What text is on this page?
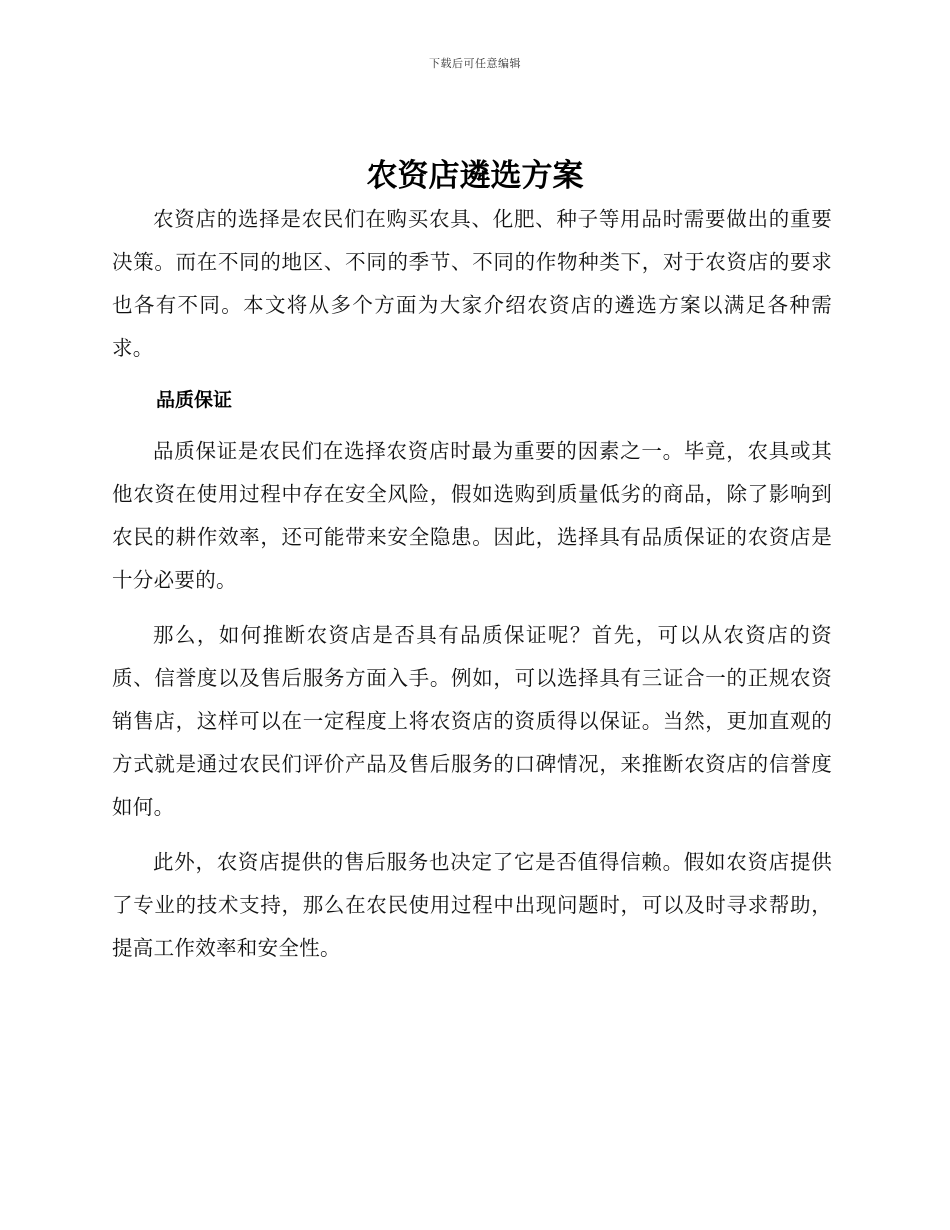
下载后可任意编辑
农资店遴选方案

农资店的选择是农民们在购买农具、化肥、种子等用品时需要做出的重要决策。而在不同的地区、不同的季节、不同的作物种类下，对于农资店的要求也各有不同。本文将从多个方面为大家介绍农资店的遴选方案以满足各种需求。

品质保证

品质保证是农民们在选择农资店时最为重要的因素之一。毕竟，农具或其他农资在使用过程中存在安全风险，假如选购到质量低劣的商品，除了影响到农民的耕作效率，还可能带来安全隐患。因此，选择具有品质保证的农资店是十分必要的。

那么，如何推断农资店是否具有品质保证呢？首先，可以从农资店的资质、信誉度以及售后服务方面入手。例如，可以选择具有三证合一的正规农资销售店，这样可以在一定程度上将农资店的资质得以保证。当然，更加直观的方式就是通过农民们评价产品及售后服务的口碑情况，来推断农资店的信誉度如何。

此外，农资店提供的售后服务也决定了它是否值得信赖。假如农资店提供了专业的技术支持，那么在农民使用过程中出现问题时，可以及时寻求帮助，提高工作效率和安全性。
